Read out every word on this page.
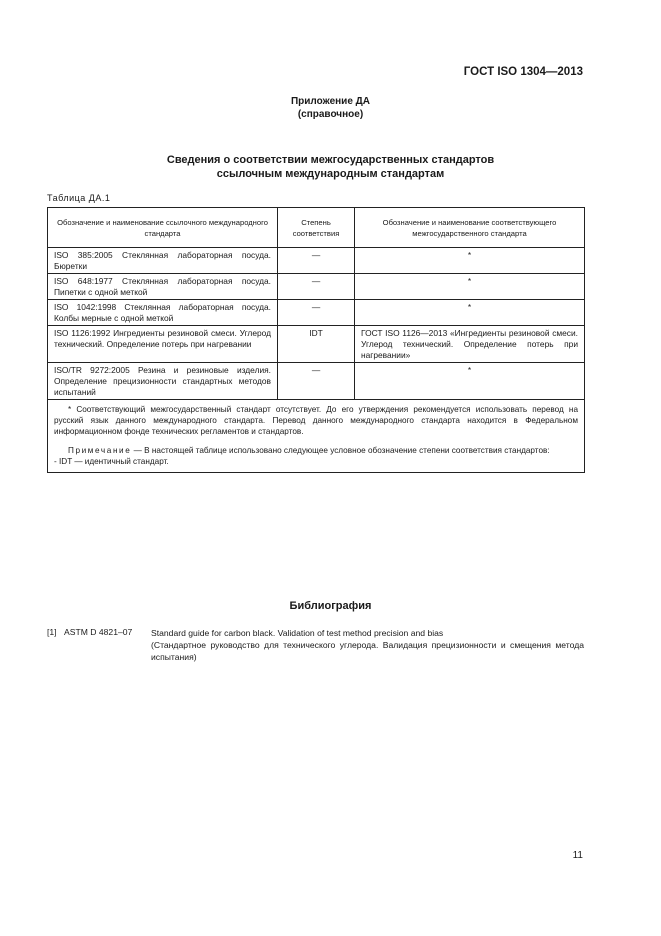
ГОСТ ISO 1304—2013
Приложение ДА
(справочное)
Сведения о соответствии межгосударственных стандартов
ссылочным международным стандартам
Таблица ДА.1
Обозначение и наименование ссылочного международного стандарта	Степень соответствия	Обозначение и наименование соответствующего межгосударственного стандарта
ISO 385:2005 Стеклянная лабораторная посуда. Бюретки	—	*
ISO 648:1977 Стеклянная лабораторная посуда. Пипетки с одной меткой	—	*
ISO 1042:1998 Стеклянная лабораторная посуда. Колбы мерные с одной меткой	—	*
ISO 1126:1992 Ингредиенты резиновой смеси. Углерод технический. Определение потерь при нагревании	IDT	ГОСТ ISO 1126—2013 «Ингредиенты резиновой смеси. Углерод технический. Определение потерь при нагревании»
ISO/TR 9272:2005 Резина и резиновые изделия. Определение прецизионности стандартных методов испытаний	—	*

* Соответствующий межгосударственный стандарт отсутствует. До его утверждения рекомендуется использовать перевод на русский язык данного международного стандарта. Перевод данного международного стандарта находится в Федеральном информационном фонде технических регламентов и стандартов.
Примечание — В настоящей таблице использовано следующее условное обозначение степени соответствия стандартов:
- IDT — идентичный стандарт.		
Библиография
[1] ASTM D 4821–07 Standard guide for carbon black. Validation of test method precision and bias
(Стандартное руководство для технического углерода. Валидация прецизионности и смещения метода испытания)
11
